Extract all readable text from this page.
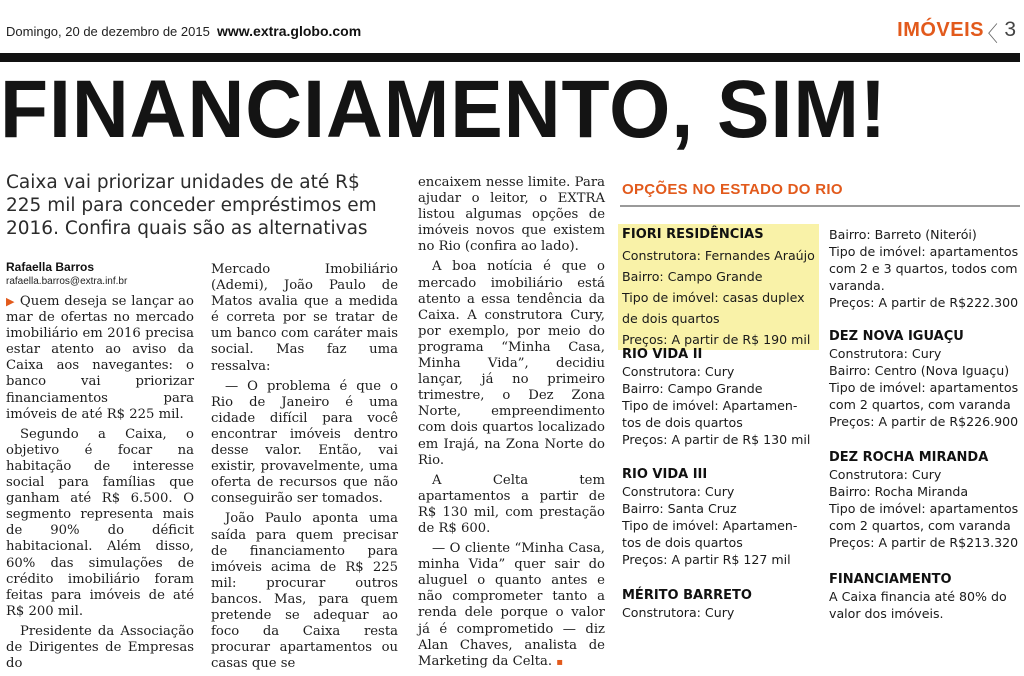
Domingo, 20 de dezembro de 2015 www.extra.globo.com	IMÓVEIS
〈 3
FINANCIAMENTO, SIM!

Caixa vai priorizar unidades de até R$ 225 mil para conceder empréstimos em 2016. Confira quais são as alternativas

Rafaella Barros
rafaella.barros@extra.inf.br

▶ Quem deseja se lançar ao mar de ofertas no mercado imobiliário em 2016 precisa estar atento ao aviso da Caixa aos navegantes: o banco vai priorizar financiamentos para imóveis de até R$ 225 mil.

Segundo a Caixa, o objetivo é focar na habitação de interesse social para famílias que ganham até R$ 6.500. O segmento representa mais de 90% do déficit habitacional. Além disso, 60% das simulações de crédito imobiliário foram feitas para imóveis de até R$ 200 mil.

Presidente da Associação de Dirigentes de Empresas do

Mercado Imobiliário (Ademi), João Paulo de Matos avalia que a medida é correta por se tratar de um banco com caráter mais social. Mas faz uma ressalva:

— O problema é que o Rio de Janeiro é uma cidade difícil para você encontrar imóveis dentro desse valor. Então, vai existir, provavelmente, uma oferta de recursos que não conseguirão ser tomados.

João Paulo aponta uma saída para quem precisar de financiamento para imóveis acima de R$ 225 mil: procurar outros bancos. Mas, para quem pretende se adequar ao foco da Caixa resta procurar apartamentos ou casas que se

encaixem nesse limite. Para ajudar o leitor, o EXTRA listou algumas opções de imóveis novos que existem no Rio (confira ao lado).

A boa notícia é que o mercado imobiliário está atento a essa tendência da Caixa. A construtora Cury, por exemplo, por meio do programa “Minha Casa, Minha Vida”, decidiu lançar, já no primeiro trimestre, o Dez Zona Norte, empreendimento com dois quartos localizado em Irajá, na Zona Norte do Rio.

A Celta tem apartamentos a partir de R$ 130 mil, com prestação de R$ 600.

— O cliente “Minha Casa, minha Vida” quer sair do aluguel o quanto antes e não comprometer tanto a renda dele porque o valor já é comprometido — diz Alan Chaves, analista de Marketing da Celta. ▪

OPÇÕES NO ESTADO DO RIO
FIORI RESIDÊNCIAS
Construtora: Fernandes Araújo
Bairro: Campo Grande
Tipo de imóvel: casas duplex
de dois quartos
Preços: A partir de R$ 190 mil
RIO VIDA II
Construtora: Cury
Bairro: Campo Grande
Tipo de imóvel: Apartamen-
tos de dois quartos
Preços: A partir de R$ 130 mil
RIO VIDA III
Construtora: Cury
Bairro: Santa Cruz
Tipo de imóvel: Apartamen-
tos de dois quartos
Preços: A partir R$ 127 mil
MÉRITO BARRETO
Construtora: Cury
Bairro: Barreto (Niterói)
Tipo de imóvel: apartamentos
com 2 e 3 quartos, todos com
varanda.
Preços: A partir de R$222.300
DEZ NOVA IGUAÇU
Construtora: Cury
Bairro: Centro (Nova Iguaçu)
Tipo de imóvel: apartamentos
com 2 quartos, com varanda
Preços: A partir de R$226.900
DEZ ROCHA MIRANDA
Construtora: Cury
Bairro: Rocha Miranda
Tipo de imóvel: apartamentos
com 2 quartos, com varanda
Preços: A partir de R$213.320
FINANCIAMENTO
A Caixa financia até 80% do
valor dos imóveis.
